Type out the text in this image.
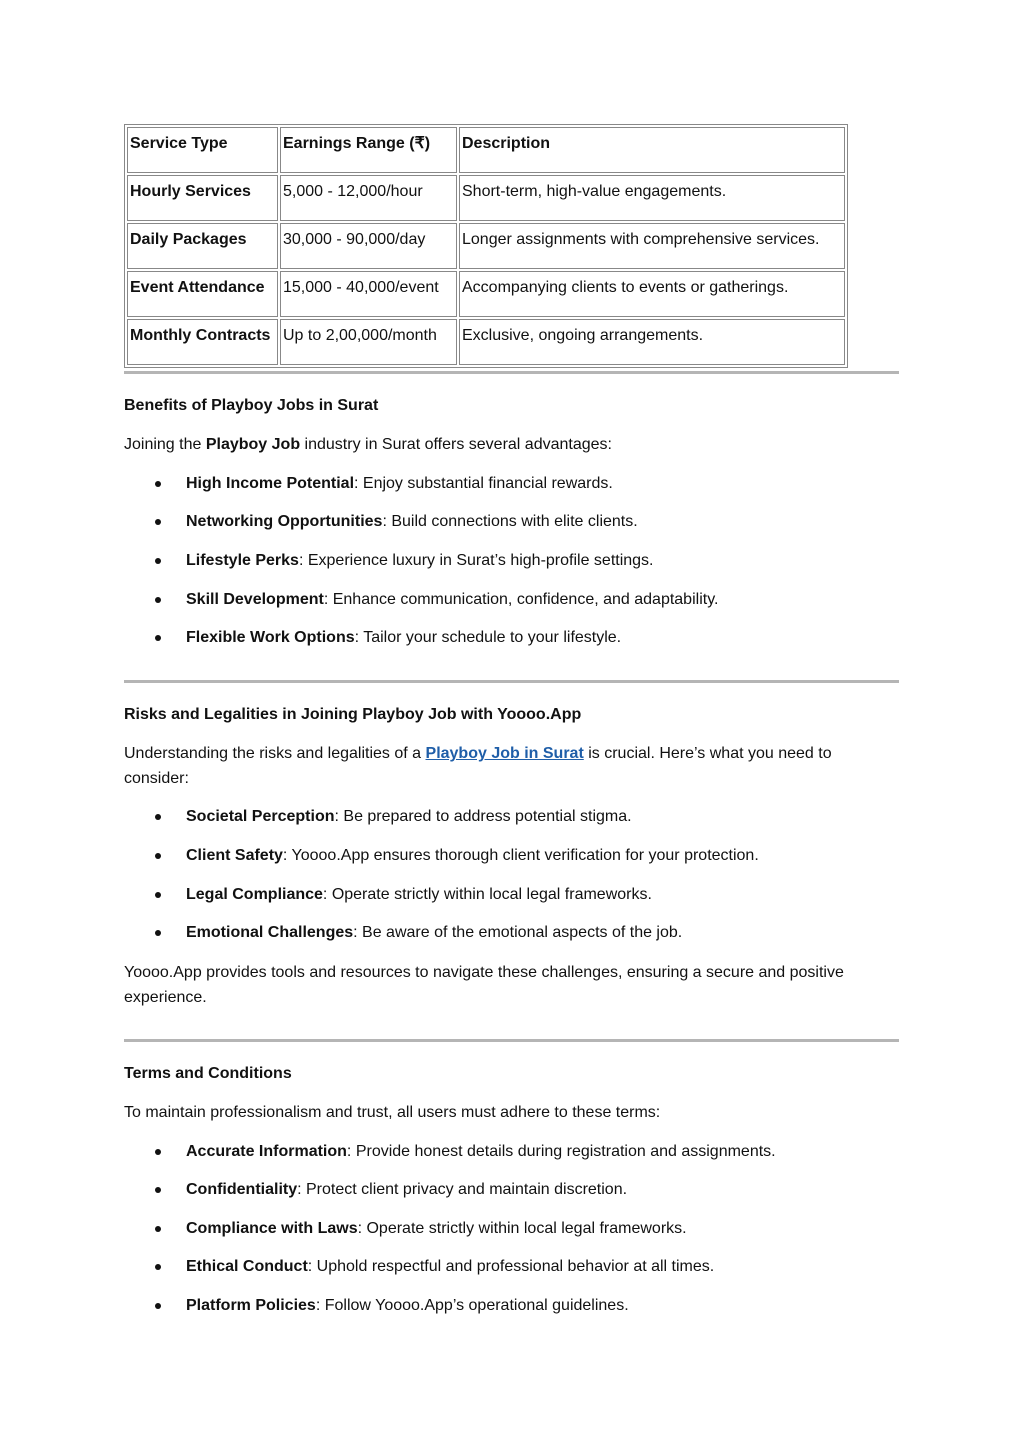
Service Type	Earnings Range (₹)	Description
Hourly Services	5,000 - 12,000/hour	Short-term, high-value engagements.
Daily Packages	30,000 - 90,000/day	Longer assignments with comprehensive services.
Event Attendance	15,000 - 40,000/event	Accompanying clients to events or gatherings.
Monthly Contracts	Up to 2,00,000/month	Exclusive, ongoing arrangements.
Benefits of Playboy Jobs in Surat
Joining the Playboy Job industry in Surat offers several advantages:
High Income Potential: Enjoy substantial financial rewards.
Networking Opportunities: Build connections with elite clients.
Lifestyle Perks: Experience luxury in Surat’s high-profile settings.
Skill Development: Enhance communication, confidence, and adaptability.
Flexible Work Options: Tailor your schedule to your lifestyle.
Risks and Legalities in Joining Playboy Job with Yoooo.App
Understanding the risks and legalities of a Playboy Job in Surat is crucial. Here’s what you need to consider:
Societal Perception: Be prepared to address potential stigma.
Client Safety: Yoooo.App ensures thorough client verification for your protection.
Legal Compliance: Operate strictly within local legal frameworks.
Emotional Challenges: Be aware of the emotional aspects of the job.
Yoooo.App provides tools and resources to navigate these challenges, ensuring a secure and positive experience.
Terms and Conditions
To maintain professionalism and trust, all users must adhere to these terms:
Accurate Information: Provide honest details during registration and assignments.
Confidentiality: Protect client privacy and maintain discretion.
Compliance with Laws: Operate strictly within local legal frameworks.
Ethical Conduct: Uphold respectful and professional behavior at all times.
Platform Policies: Follow Yoooo.App’s operational guidelines.
